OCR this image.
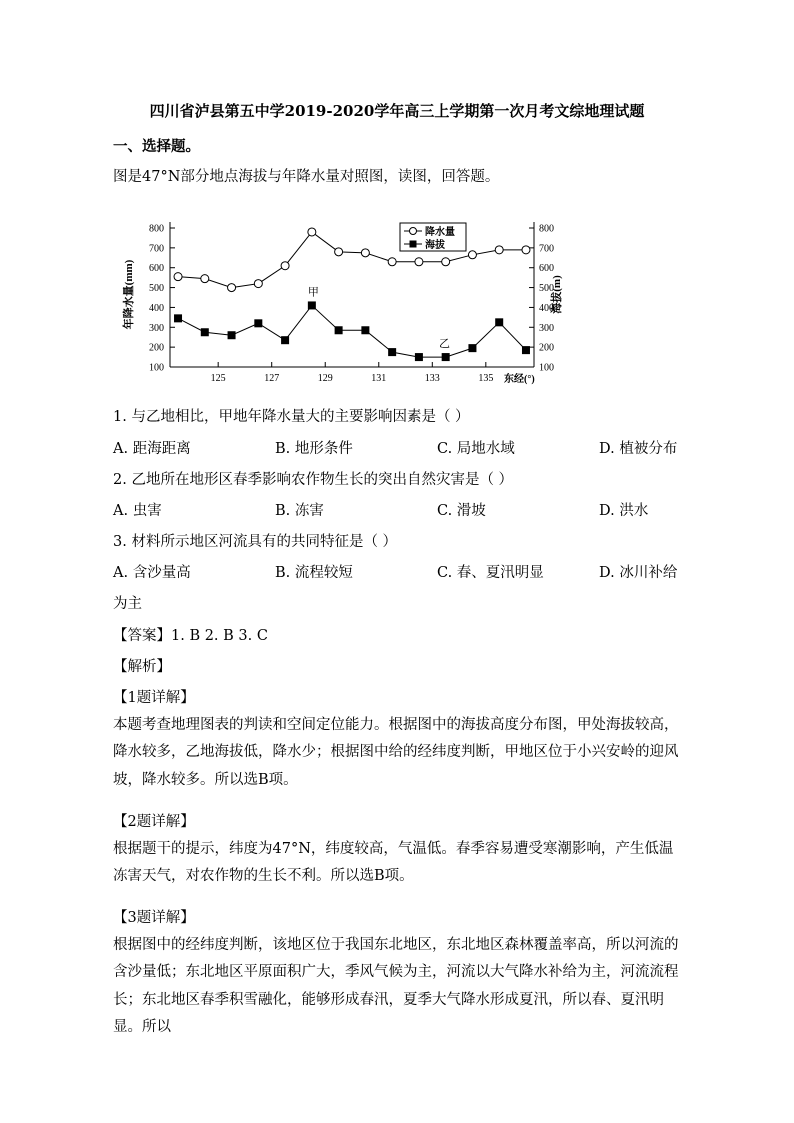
四川省泸县第五中学2019-2020学年高三上学期第一次月考文综地理试题
一、选择题。
图是47°N部分地点海拔与年降水量对照图，读图，回答题。
100
200
300
400
500
600
700
800
100
200
300
400
500
600
700
800
125	127	129	131	133	135 东经(°)
年降水量(mm)	海拔(m)
甲
乙
降水量
海拔
1. 与乙地相比，甲地年降水量大的主要影响因素是（ ）
A. 距海距离	B. 地形条件	C. 局地水域	D. 植被分布
2. 乙地所在地形区春季影响农作物生长的突出自然灾害是（ ）
A. 虫害	B. 冻害	C. 滑坡	D. 洪水
3. 材料所示地区河流具有的共同特征是（ ）
A. 含沙量高	B. 流程较短	C. 春、夏汛明显	D. 冰川补给
为主
【答案】1. B 2. B 3. C
【解析】
【1题详解】
本题考查地理图表的判读和空间定位能力。根据图中的海拔高度分布图，甲处海拔较高，降水较多，乙地海拔低，降水少；根据图中给的经纬度判断，甲地区位于小兴安岭的迎风坡，降水较多。所以选B项。
【2题详解】
根据题干的提示，纬度为47°N，纬度较高，气温低。春季容易遭受寒潮影响，产生低温冻害天气，对农作物的生长不利。所以选B项。
【3题详解】
根据图中的经纬度判断，该地区位于我国东北地区，东北地区森林覆盖率高，所以河流的含沙量低；东北地区平原面积广大，季风气候为主，河流以大气降水补给为主，河流流程长；东北地区春季积雪融化，能够形成春汛，夏季大气降水形成夏汛，所以春、夏汛明显。所以
